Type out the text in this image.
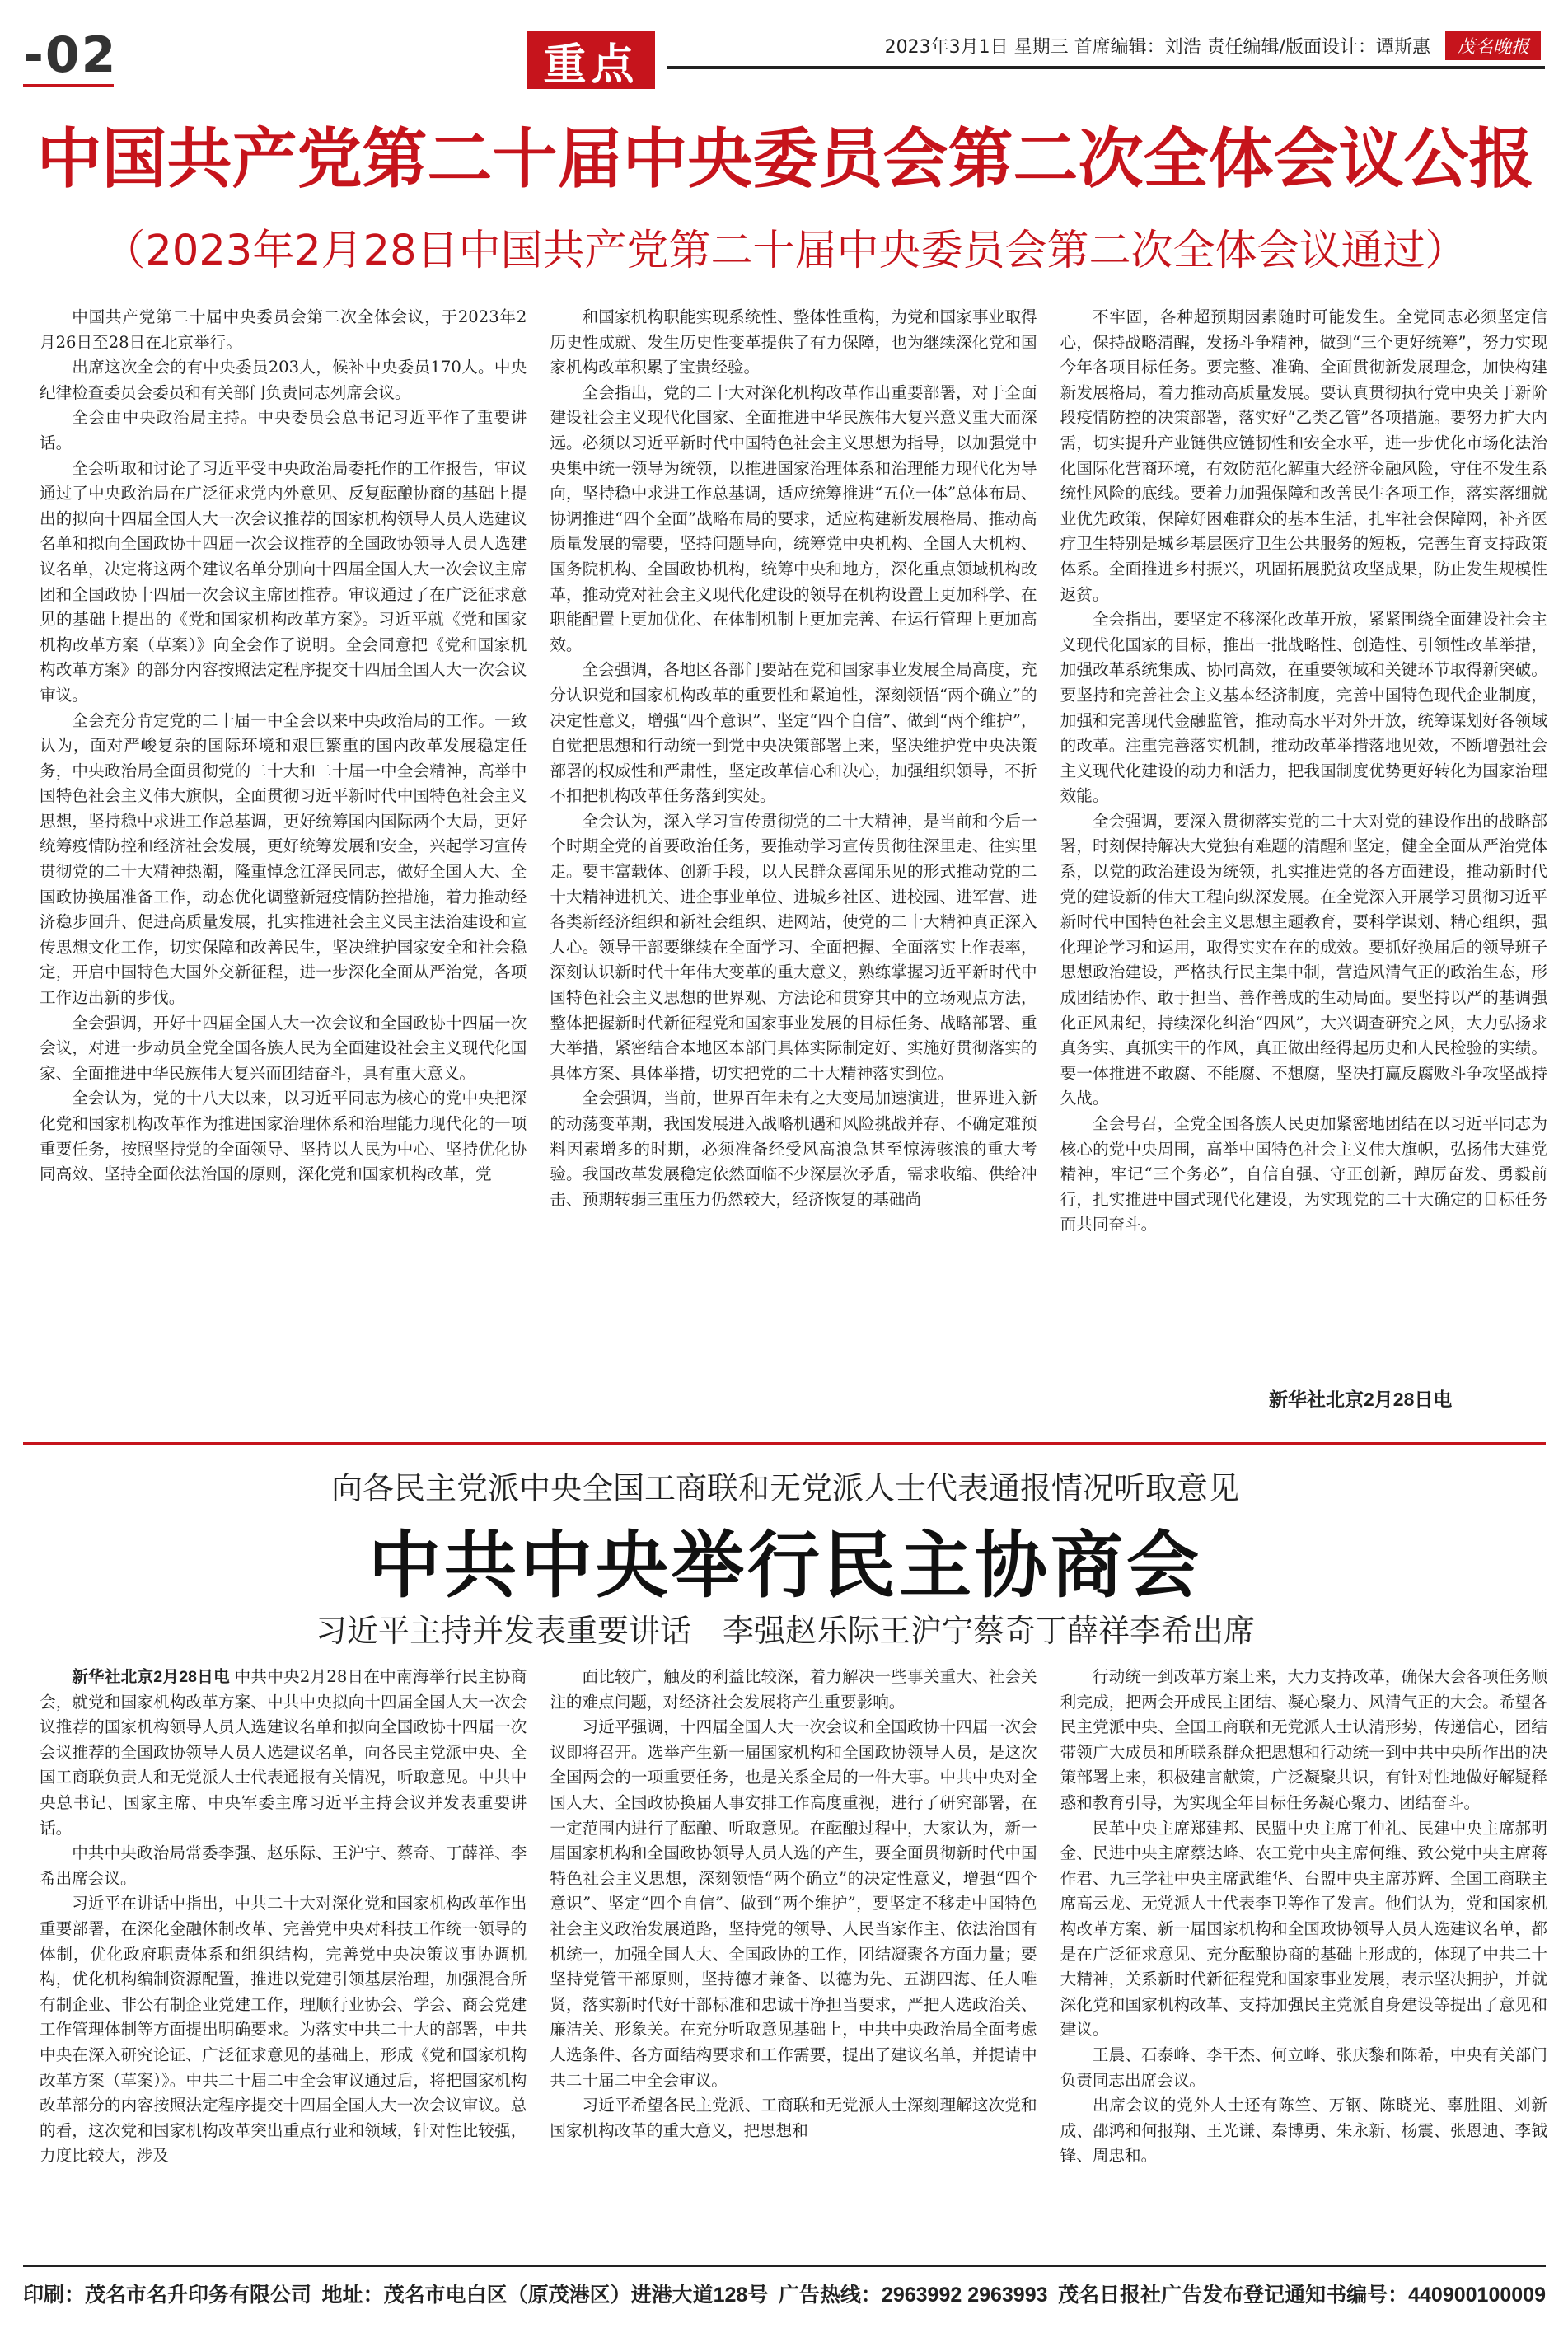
-02	重点	2023年3月1日 星期三 首席编辑：刘浩 责任编辑/版面设计：谭斯惠	茂名晚报
中国共产党第二十届中央委员会第二次全体会议公报
（2023年2月28日中国共产党第二十届中央委员会第二次全体会议通过）

中国共产党第二十届中央委员会第二次全体会议，于2023年2月26日至28日在北京举行。

出席这次全会的有中央委员203人，候补中央委员170人。中央纪律检查委员会委员和有关部门负责同志列席会议。

全会由中央政治局主持。中央委员会总书记习近平作了重要讲话。

全会听取和讨论了习近平受中央政治局委托作的工作报告，审议通过了中央政治局在广泛征求党内外意见、反复酝酿协商的基础上提出的拟向十四届全国人大一次会议推荐的国家机构领导人员人选建议名单和拟向全国政协十四届一次会议推荐的全国政协领导人员人选建议名单，决定将这两个建议名单分别向十四届全国人大一次会议主席团和全国政协十四届一次会议主席团推荐。审议通过了在广泛征求意见的基础上提出的《党和国家机构改革方案》。习近平就《党和国家机构改革方案（草案）》向全会作了说明。全会同意把《党和国家机构改革方案》的部分内容按照法定程序提交十四届全国人大一次会议审议。

全会充分肯定党的二十届一中全会以来中央政治局的工作。一致认为，面对严峻复杂的国际环境和艰巨繁重的国内改革发展稳定任务，中央政治局全面贯彻党的二十大和二十届一中全会精神，高举中国特色社会主义伟大旗帜，全面贯彻习近平新时代中国特色社会主义思想，坚持稳中求进工作总基调，更好统筹国内国际两个大局，更好统筹疫情防控和经济社会发展，更好统筹发展和安全，兴起学习宣传贯彻党的二十大精神热潮，隆重悼念江泽民同志，做好全国人大、全国政协换届准备工作，动态优化调整新冠疫情防控措施，着力推动经济稳步回升、促进高质量发展，扎实推进社会主义民主法治建设和宣传思想文化工作，切实保障和改善民生，坚决维护国家安全和社会稳定，开启中国特色大国外交新征程，进一步深化全面从严治党，各项工作迈出新的步伐。

全会强调，开好十四届全国人大一次会议和全国政协十四届一次会议，对进一步动员全党全国各族人民为全面建设社会主义现代化国家、全面推进中华民族伟大复兴而团结奋斗，具有重大意义。

全会认为，党的十八大以来，以习近平同志为核心的党中央把深化党和国家机构改革作为推进国家治理体系和治理能力现代化的一项重要任务，按照坚持党的全面领导、坚持以人民为中心、坚持优化协同高效、坚持全面依法治国的原则，深化党和国家机构改革，党

和国家机构职能实现系统性、整体性重构，为党和国家事业取得历史性成就、发生历史性变革提供了有力保障，也为继续深化党和国家机构改革积累了宝贵经验。

全会指出，党的二十大对深化机构改革作出重要部署，对于全面建设社会主义现代化国家、全面推进中华民族伟大复兴意义重大而深远。必须以习近平新时代中国特色社会主义思想为指导，以加强党中央集中统一领导为统领，以推进国家治理体系和治理能力现代化为导向，坚持稳中求进工作总基调，适应统筹推进“五位一体”总体布局、协调推进“四个全面”战略布局的要求，适应构建新发展格局、推动高质量发展的需要，坚持问题导向，统筹党中央机构、全国人大机构、国务院机构、全国政协机构，统筹中央和地方，深化重点领域机构改革，推动党对社会主义现代化建设的领导在机构设置上更加科学、在职能配置上更加优化、在体制机制上更加完善、在运行管理上更加高效。

全会强调，各地区各部门要站在党和国家事业发展全局高度，充分认识党和国家机构改革的重要性和紧迫性，深刻领悟“两个确立”的决定性意义，增强“四个意识”、坚定“四个自信”、做到“两个维护”，自觉把思想和行动统一到党中央决策部署上来，坚决维护党中央决策部署的权威性和严肃性，坚定改革信心和决心，加强组织领导，不折不扣把机构改革任务落到实处。

全会认为，深入学习宣传贯彻党的二十大精神，是当前和今后一个时期全党的首要政治任务，要推动学习宣传贯彻往深里走、往实里走。要丰富载体、创新手段，以人民群众喜闻乐见的形式推动党的二十大精神进机关、进企事业单位、进城乡社区、进校园、进军营、进各类新经济组织和新社会组织、进网站，使党的二十大精神真正深入人心。领导干部要继续在全面学习、全面把握、全面落实上作表率，深刻认识新时代十年伟大变革的重大意义，熟练掌握习近平新时代中国特色社会主义思想的世界观、方法论和贯穿其中的立场观点方法，整体把握新时代新征程党和国家事业发展的目标任务、战略部署、重大举措，紧密结合本地区本部门具体实际制定好、实施好贯彻落实的具体方案、具体举措，切实把党的二十大精神落实到位。

全会强调，当前，世界百年未有之大变局加速演进，世界进入新的动荡变革期，我国发展进入战略机遇和风险挑战并存、不确定难预料因素增多的时期，必须准备经受风高浪急甚至惊涛骇浪的重大考验。我国改革发展稳定依然面临不少深层次矛盾，需求收缩、供给冲击、预期转弱三重压力仍然较大，经济恢复的基础尚

不牢固，各种超预期因素随时可能发生。全党同志必须坚定信心，保持战略清醒，发扬斗争精神，做到“三个更好统筹”，努力实现今年各项目标任务。要完整、准确、全面贯彻新发展理念，加快构建新发展格局，着力推动高质量发展。要认真贯彻执行党中央关于新阶段疫情防控的决策部署，落实好“乙类乙管”各项措施。要努力扩大内需，切实提升产业链供应链韧性和安全水平，进一步优化市场化法治化国际化营商环境，有效防范化解重大经济金融风险，守住不发生系统性风险的底线。要着力加强保障和改善民生各项工作，落实落细就业优先政策，保障好困难群众的基本生活，扎牢社会保障网，补齐医疗卫生特别是城乡基层医疗卫生公共服务的短板，完善生育支持政策体系。全面推进乡村振兴，巩固拓展脱贫攻坚成果，防止发生规模性返贫。

全会指出，要坚定不移深化改革开放，紧紧围绕全面建设社会主义现代化国家的目标，推出一批战略性、创造性、引领性改革举措，加强改革系统集成、协同高效，在重要领域和关键环节取得新突破。要坚持和完善社会主义基本经济制度，完善中国特色现代企业制度，加强和完善现代金融监管，推动高水平对外开放，统筹谋划好各领域的改革。注重完善落实机制，推动改革举措落地见效，不断增强社会主义现代化建设的动力和活力，把我国制度优势更好转化为国家治理效能。

全会强调，要深入贯彻落实党的二十大对党的建设作出的战略部署，时刻保持解决大党独有难题的清醒和坚定，健全全面从严治党体系，以党的政治建设为统领，扎实推进党的各方面建设，推动新时代党的建设新的伟大工程向纵深发展。在全党深入开展学习贯彻习近平新时代中国特色社会主义思想主题教育，要科学谋划、精心组织，强化理论学习和运用，取得实实在在的成效。要抓好换届后的领导班子思想政治建设，严格执行民主集中制，营造风清气正的政治生态，形成团结协作、敢于担当、善作善成的生动局面。要坚持以严的基调强化正风肃纪，持续深化纠治“四风”，大兴调查研究之风，大力弘扬求真务实、真抓实干的作风，真正做出经得起历史和人民检验的实绩。要一体推进不敢腐、不能腐、不想腐，坚决打赢反腐败斗争攻坚战持久战。

全会号召，全党全国各族人民更加紧密地团结在以习近平同志为核心的党中央周围，高举中国特色社会主义伟大旗帜，弘扬伟大建党精神，牢记“三个务必”，自信自强、守正创新，踔厉奋发、勇毅前行，扎实推进中国式现代化建设，为实现党的二十大确定的目标任务而共同奋斗。

新华社北京2月28日电
向各民主党派中央全国工商联和无党派人士代表通报情况听取意见
中共中央举行民主协商会
习近平主持并发表重要讲话　李强赵乐际王沪宁蔡奇丁薛祥李希出席

新华社北京2月28日电 中共中央2月28日在中南海举行民主协商会，就党和国家机构改革方案、中共中央拟向十四届全国人大一次会议推荐的国家机构领导人员人选建议名单和拟向全国政协十四届一次会议推荐的全国政协领导人员人选建议名单，向各民主党派中央、全国工商联负责人和无党派人士代表通报有关情况，听取意见。中共中央总书记、国家主席、中央军委主席习近平主持会议并发表重要讲话。

中共中央政治局常委李强、赵乐际、王沪宁、蔡奇、丁薛祥、李希出席会议。

习近平在讲话中指出，中共二十大对深化党和国家机构改革作出重要部署，在深化金融体制改革、完善党中央对科技工作统一领导的体制，优化政府职责体系和组织结构，完善党中央决策议事协调机构，优化机构编制资源配置，推进以党建引领基层治理，加强混合所有制企业、非公有制企业党建工作，理顺行业协会、学会、商会党建工作管理体制等方面提出明确要求。为落实中共二十大的部署，中共中央在深入研究论证、广泛征求意见的基础上，形成《党和国家机构改革方案（草案）》。中共二十届二中全会审议通过后，将把国家机构改革部分的内容按照法定程序提交十四届全国人大一次会议审议。总的看，这次党和国家机构改革突出重点行业和领域，针对性比较强，力度比较大，涉及

面比较广，触及的利益比较深，着力解决一些事关重大、社会关注的难点问题，对经济社会发展将产生重要影响。

习近平强调，十四届全国人大一次会议和全国政协十四届一次会议即将召开。选举产生新一届国家机构和全国政协领导人员，是这次全国两会的一项重要任务，也是关系全局的一件大事。中共中央对全国人大、全国政协换届人事安排工作高度重视，进行了研究部署，在一定范围内进行了酝酿、听取意见。在酝酿过程中，大家认为，新一届国家机构和全国政协领导人员人选的产生，要全面贯彻新时代中国特色社会主义思想，深刻领悟“两个确立”的决定性意义，增强“四个意识”、坚定“四个自信”、做到“两个维护”，要坚定不移走中国特色社会主义政治发展道路，坚持党的领导、人民当家作主、依法治国有机统一，加强全国人大、全国政协的工作，团结凝聚各方面力量；要坚持党管干部原则，坚持德才兼备、以德为先、五湖四海、任人唯贤，落实新时代好干部标准和忠诚干净担当要求，严把人选政治关、廉洁关、形象关。在充分听取意见基础上，中共中央政治局全面考虑人选条件、各方面结构要求和工作需要，提出了建议名单，并提请中共二十届二中全会审议。

习近平希望各民主党派、工商联和无党派人士深刻理解这次党和国家机构改革的重大意义，把思想和

行动统一到改革方案上来，大力支持改革，确保大会各项任务顺利完成，把两会开成民主团结、凝心聚力、风清气正的大会。希望各民主党派中央、全国工商联和无党派人士认清形势，传递信心，团结带领广大成员和所联系群众把思想和行动统一到中共中央所作出的决策部署上来，积极建言献策，广泛凝聚共识，有针对性地做好解疑释惑和教育引导，为实现全年目标任务凝心聚力、团结奋斗。

民革中央主席郑建邦、民盟中央主席丁仲礼、民建中央主席郝明金、民进中央主席蔡达峰、农工党中央主席何维、致公党中央主席蒋作君、九三学社中央主席武维华、台盟中央主席苏辉、全国工商联主席高云龙、无党派人士代表李卫等作了发言。他们认为，党和国家机构改革方案、新一届国家机构和全国政协领导人员人选建议名单，都是在广泛征求意见、充分酝酿协商的基础上形成的，体现了中共二十大精神，关系新时代新征程党和国家事业发展，表示坚决拥护，并就深化党和国家机构改革、支持加强民主党派自身建设等提出了意见和建议。

王晨、石泰峰、李干杰、何立峰、张庆黎和陈希，中央有关部门负责同志出席会议。

出席会议的党外人士还有陈竺、万钢、陈晓光、辜胜阻、刘新成、邵鸿和何报翔、王光谦、秦博勇、朱永新、杨震、张恩迪、李钺锋、周忠和。

印刷：茂名市名升印务有限公司 地址：茂名市电白区（原茂港区）进港大道128号 广告热线：2963992 2963993 茂名日报社广告发布登记通知书编号：440900100009
